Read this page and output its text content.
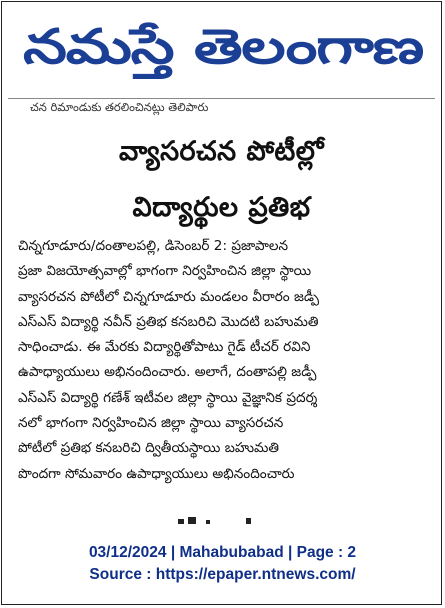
నమస్తే తెలంగాణ
చన రిమాండుకు తరలించినట్లు తెలిపారు
వ్యాసరచన పోటీల్లో
విద్యార్థుల ప్రతిభ
చిన్నగూడూరు/దంతాలపల్లి, డిసెంబర్ 2: ప్రజాపాలన
ప్రజా విజయోత్సవాల్లో భాగంగా నిర్వహించిన జిల్లా స్థాయి
వ్యాసరచన పోటీలో చిన్నగూడూరు మండలం వీరారం జడ్పీ
ఎస్ఎస్ విద్యార్థి నవీన్ ప్రతిభ కనబరిచి మొదటి బహుమతి
సాధించాడు. ఈ మేరకు విద్యార్థితోపాటు గైడ్ టీచర్ రవిని
ఉపాధ్యాయులు అభినందించారు. అలాగే, దంతాపల్లి జడ్పీ
ఎస్ఎస్ విద్యార్థి గణేశ్ ఇటీవల జిల్లా స్థాయి వైజ్ఞానిక ప్రదర్శ
నలో భాగంగా నిర్వహించిన జిల్లా స్థాయి వ్యాసరచన
పోటీలో ప్రతిభ కనబరిచి ద్వితీయస్థాయి బహుమతి
పొందగా సోమవారం ఉపాధ్యాయులు అభినందించారు
03/12/2024 | Mahabubabad | Page : 2
Source : https://epaper.ntnews.com/
